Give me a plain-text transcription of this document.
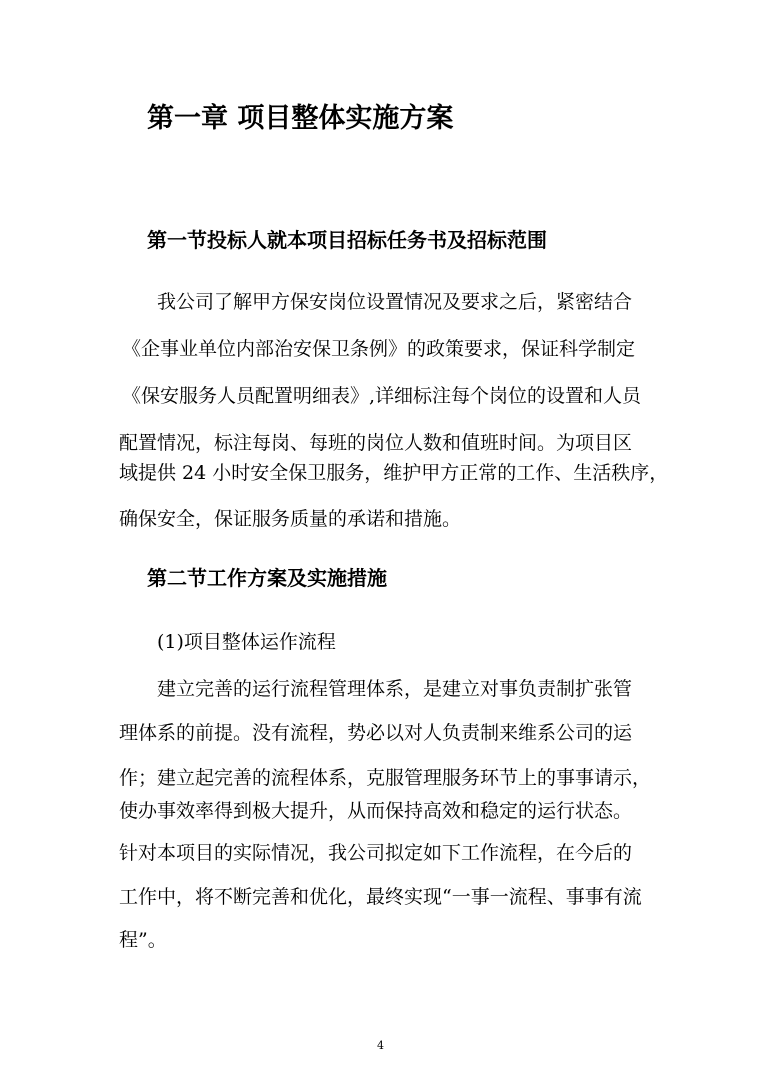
第一章 项目整体实施方案
第一节投标人就本项目招标任务书及招标范围
我公司了解甲方保安岗位设置情况及要求之后，紧密结合
《企事业单位内部治安保卫条例》的政策要求，保证科学制定
《保安服务人员配置明细表》,详细标注每个岗位的设置和人员
配置情况，标注每岗、每班的岗位人数和值班时间。为项目区
域提供 24 小时安全保卫服务，维护甲方正常的工作、生活秩序，
确保安全，保证服务质量的承诺和措施。
第二节工作方案及实施措施
(1)项目整体运作流程
建立完善的运行流程管理体系，是建立对事负责制扩张管
理体系的前提。没有流程，势必以对人负责制来维系公司的运
作；建立起完善的流程体系，克服管理服务环节上的事事请示，
使办事效率得到极大提升，从而保持高效和稳定的运行状态。
针对本项目的实际情况，我公司拟定如下工作流程，在今后的
工作中，将不断完善和优化，最终实现“一事一流程、事事有流
程”。
4
